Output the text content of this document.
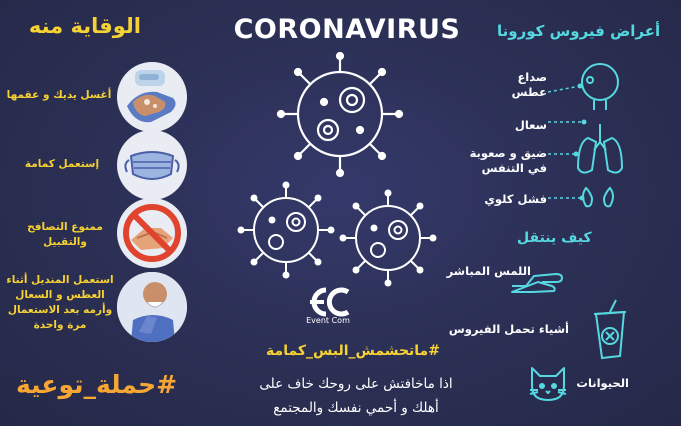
CORONAVIRUS
الوقاية منه	أعراض فيروس كورونا
أغسل يديك و عقمها
إستعمل كمامة
ممنوع التصافح والتقبيل
استعمل المنديل أثناء العطس و السعال وأرمه بعد الاستعمال مرة واحدة	Event Com
#ماتحشمش_البس_كمامة
اذا ماخافتش على روحك خاف على
أهلك و أحمي نفسك والمجتمع
#حملة_توعية
صداع
عطس
سعال
ضيق و صعوبة
في التنفس
فشل كلوي
كيف ينتقل
اللمس المباشر
أشياء تحمل الفيروس
الحيوانات
